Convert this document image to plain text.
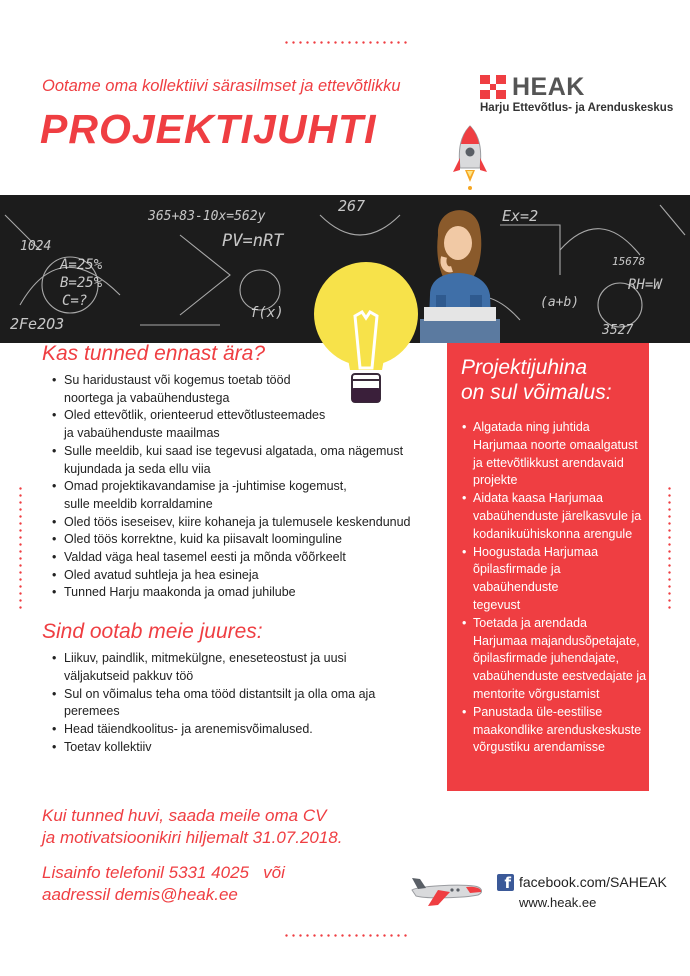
Ootame oma kollektiivi särasilmset ja ettevõtlikku
PROJEKTIJUHTI
HEAK
Harju Ettevõtlus- ja Arenduskeskus
365+83-10x=562y
PV=nRT
A=25%
B=25%
C=?
2Fe2O3	3527
15678
RH=W
267
Ex=2
1024
(a+b)
f(x)
Kas tunned ennast ära?
• Su haridustaust või kogemus toetab tööd
noortega ja vabaühendustega
• Oled ettevõtlik, orienteerud ettevõtlusteemades
ja vabaühenduste maailmas
• Sulle meeldib, kui saad ise tegevusi algatada, oma nägemust
kujundada ja seda ellu viia
• Omad projektikavandamise ja -juhtimise kogemust,
sulle meeldib korraldamine
• Oled töös iseseisev, kiire kohaneja ja tulemusele keskendunud
• Oled töös korrektne, kuid ka piisavalt loominguline
• Valdad väga heal tasemel eesti ja mõnda võõrkeelt
• Oled avatud suhtleja ja hea esineja
• Tunned Harju maakonda ja omad juhilube
Sind ootab meie juures:
• Liikuv, paindlik, mitmekülgne, eneseteostust ja uusi
väljakutseid pakkuv töö
• Sul on võimalus teha oma tööd distantsilt ja olla oma aja peremees
• Head täiendkoolitus- ja arenemisvõimalused.
• Toetav kollektiiv
Projektijuhina
on sul võimalus:
• Algatada ning juhtida
Harjumaa noorte omaalgatust
ja ettevõtlikkust arendavaid
projekte
• Aidata kaasa Harjumaa
vabaühenduste järelkasvule ja
kodanikuühiskonna arengule
• Hoogustada Harjumaa
õpilasfirmade ja vabaühenduste
tegevust
• Toetada ja arendada
Harjumaa majandusõpetajate,
õpilasfirmade juhendajate,
vabaühenduste eestvedajate ja
mentorite võrgustamist
• Panustada üle-eestilise
maakondlike arenduskeskuste
võrgustiku arendamisse
Kui tunned huvi, saada meile oma CV
ja motivatsioonikiri hiljemalt 31.07.2018.
Lisainfo telefonil 5331 4025   või
aadressil demis@heak.ee
f facebook.com/SAHEAK
www.heak.ee
